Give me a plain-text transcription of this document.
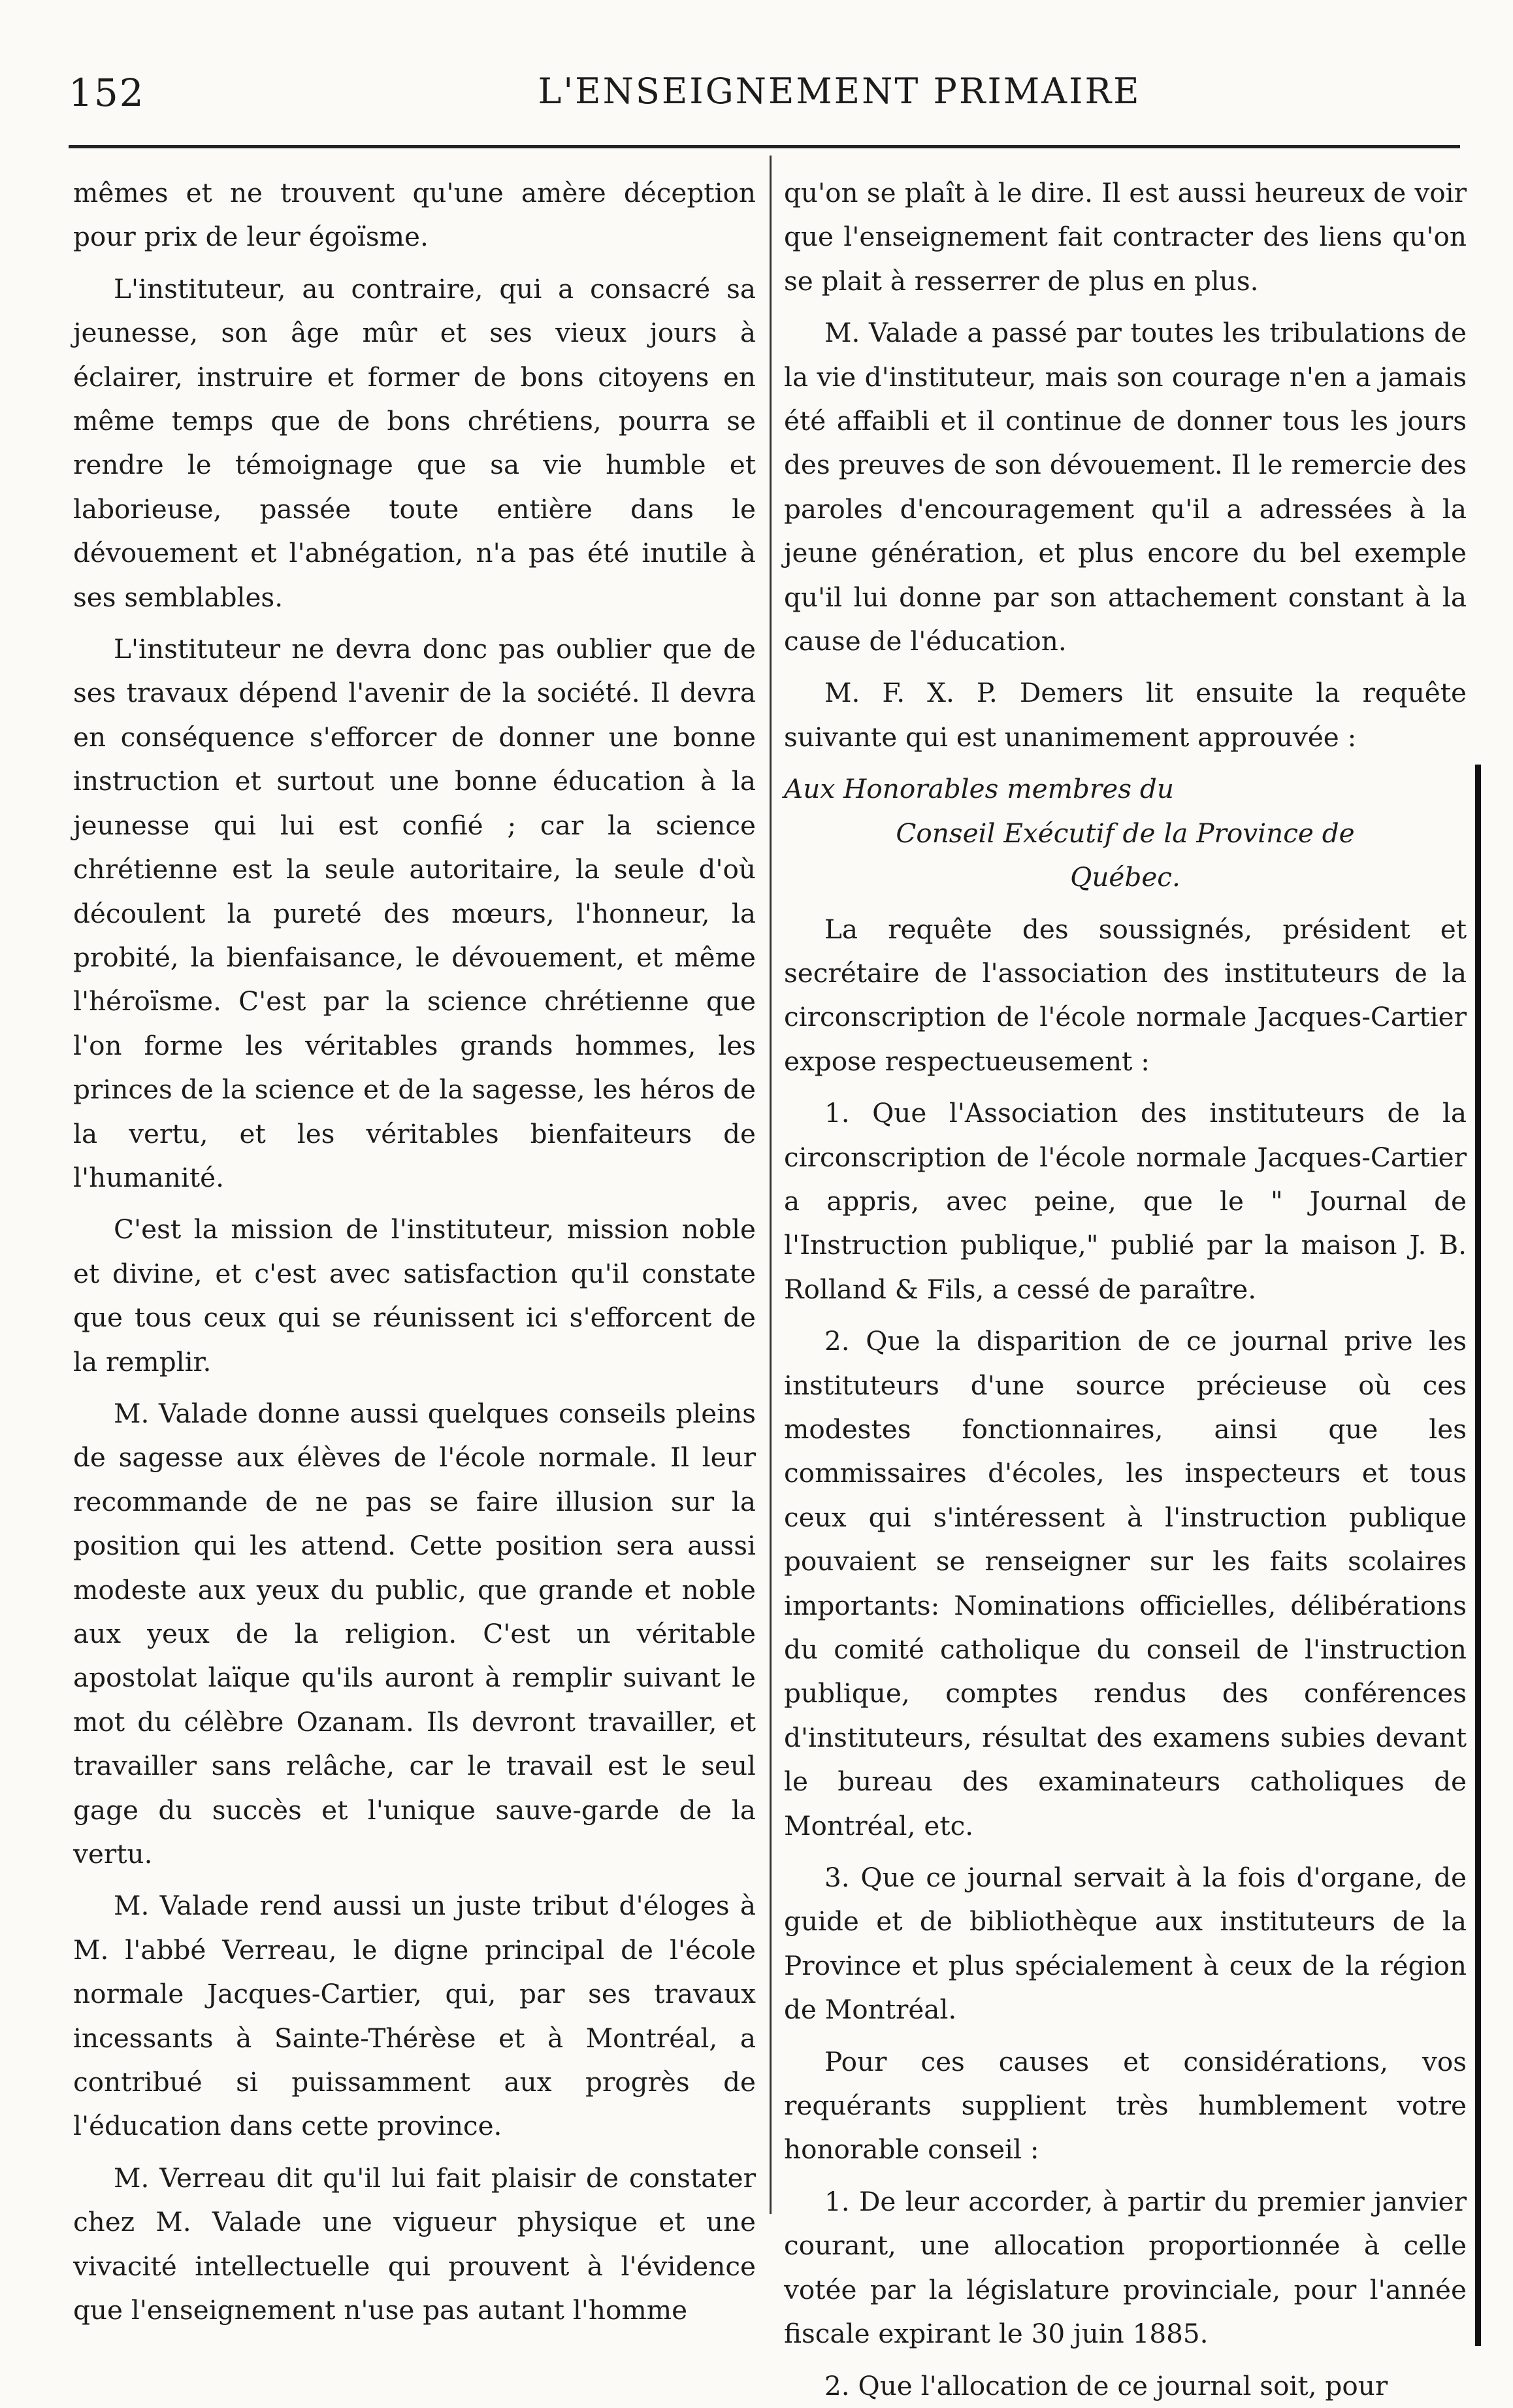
152	L'ENSEIGNEMENT PRIMAIRE

mêmes et ne trouvent qu'une amère déception pour prix de leur égoïsme.

L'instituteur, au contraire, qui a consacré sa jeunesse, son âge mûr et ses vieux jours à éclairer, instruire et former de bons citoyens en même temps que de bons chrétiens, pourra se rendre le témoignage que sa vie humble et laborieuse, passée toute entière dans le dévouement et l'abnégation, n'a pas été inutile à ses semblables.

L'instituteur ne devra donc pas oublier que de ses travaux dépend l'avenir de la société. Il devra en conséquence s'efforcer de donner une bonne instruction et surtout une bonne éducation à la jeunesse qui lui est confié ; car la science chrétienne est la seule autoritaire, la seule d'où découlent la pureté des mœurs, l'honneur, la probité, la bienfaisance, le dévouement, et même l'héroïsme. C'est par la science chrétienne que l'on forme les véritables grands hommes, les princes de la science et de la sagesse, les héros de la vertu, et les véritables bienfaiteurs de l'humanité.

C'est la mission de l'instituteur, mission noble et divine, et c'est avec satisfaction qu'il constate que tous ceux qui se réunissent ici s'efforcent de la remplir.

M. Valade donne aussi quelques conseils pleins de sagesse aux élèves de l'école normale. Il leur recommande de ne pas se faire illusion sur la position qui les attend. Cette position sera aussi modeste aux yeux du public, que grande et noble aux yeux de la religion. C'est un véritable apostolat laïque qu'ils auront à remplir suivant le mot du célèbre Ozanam. Ils devront travailler, et travailler sans relâche, car le travail est le seul gage du succès et l'unique sauve-garde de la vertu.

M. Valade rend aussi un juste tribut d'éloges à M. l'abbé Verreau, le digne principal de l'école normale Jacques-Cartier, qui, par ses travaux incessants à Sainte-Thérèse et à Montréal, a contribué si puissamment aux progrès de l'éducation dans cette province.

M. Verreau dit qu'il lui fait plaisir de constater chez M. Valade une vigueur physique et une vivacité intellectuelle qui prouvent à l'évidence que l'enseignement n'use pas autant l'homme

qu'on se plaît à le dire. Il est aussi heureux de voir que l'enseignement fait contracter des liens qu'on se plait à resserrer de plus en plus.

M. Valade a passé par toutes les tribulations de la vie d'instituteur, mais son courage n'en a jamais été affaibli et il continue de donner tous les jours des preuves de son dévouement. Il le remercie des paroles d'encouragement qu'il a adressées à la jeune génération, et plus encore du bel exemple qu'il lui donne par son attachement constant à la cause de l'éducation.

M. F. X. P. Demers lit ensuite la requête suivante qui est unanimement approuvée :

Aux Honorables membres du

Conseil Exécutif de la Province de

Québec.

La requête des soussignés, président et secrétaire de l'association des instituteurs de la circonscription de l'école normale Jacques-Cartier expose respectueusement :

1. Que l'Association des instituteurs de la circonscription de l'école normale Jacques-Cartier a appris, avec peine, que le " Journal de l'Instruction publique," publié par la maison J. B. Rolland & Fils, a cessé de paraître.

2. Que la disparition de ce journal prive les instituteurs d'une source précieuse où ces modestes fonctionnaires, ainsi que les commissaires d'écoles, les inspecteurs et tous ceux qui s'intéressent à l'instruction publique pouvaient se renseigner sur les faits scolaires importants: Nominations officielles, délibérations du comité catholique du conseil de l'instruction publique, comptes rendus des conférences d'instituteurs, résultat des examens subies devant le bureau des examinateurs catholiques de Montréal, etc.

3. Que ce journal servait à la fois d'organe, de guide et de bibliothèque aux instituteurs de la Province et plus spécialement à ceux de la région de Montréal.

Pour ces causes et considérations, vos requérants supplient très humblement votre honorable conseil :

1. De leur accorder, à partir du premier janvier courant, une allocation proportionnée à celle votée par la législature provinciale, pour l'année fiscale expirant le 30 juin 1885.

2. Que l'allocation de ce journal soit, pour
